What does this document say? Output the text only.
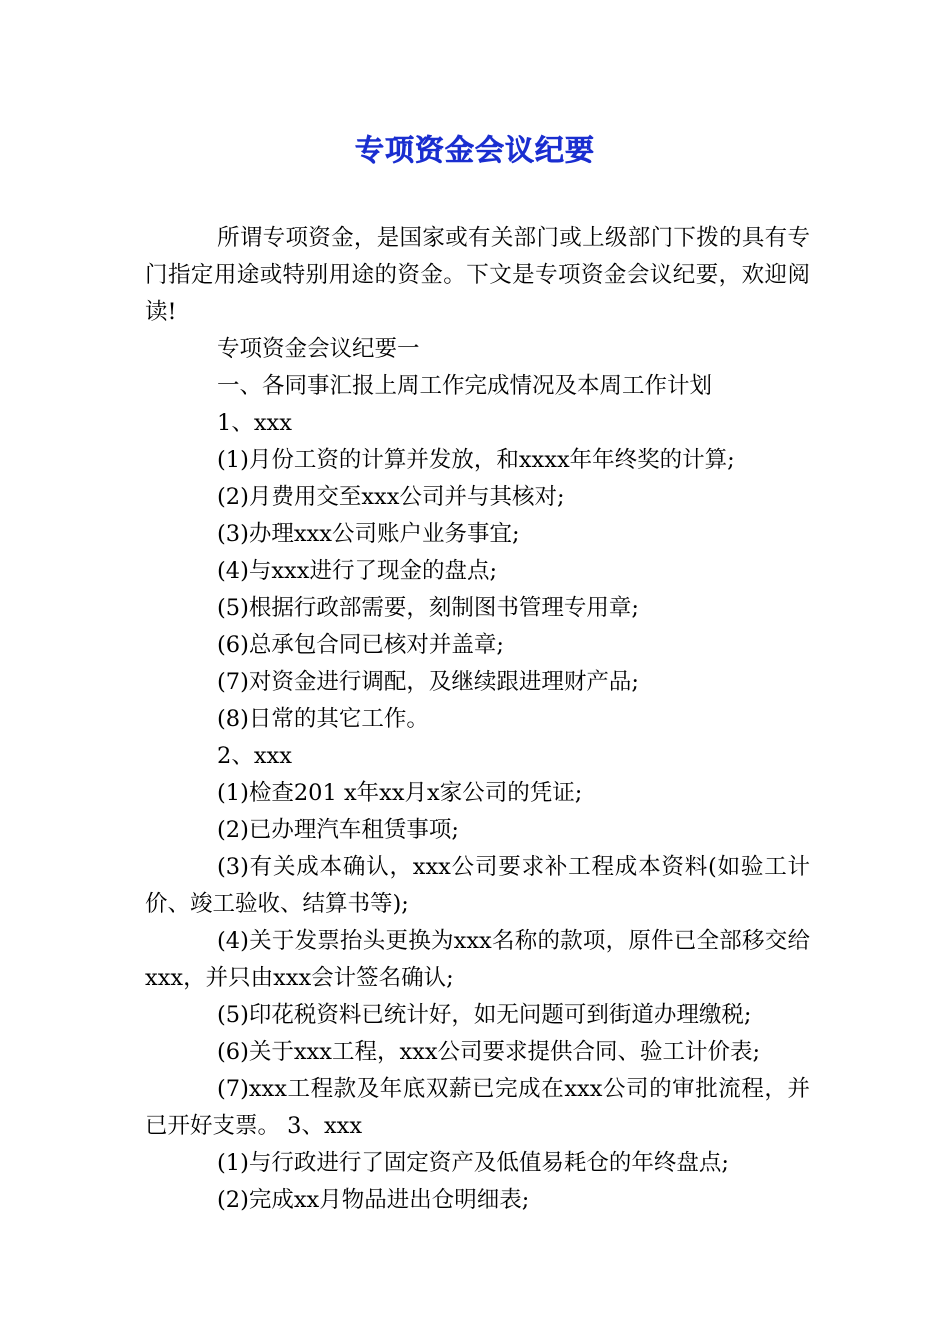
专项资金会议纪要

所谓专项资金，是国家或有关部门或上级部门下拨的具有专门指定用途或特别用途的资金。下文是专项资金会议纪要，欢迎阅读!

专项资金会议纪要一

一、各同事汇报上周工作完成情况及本周工作计划

1、xxx

(1)月份工资的计算并发放，和xxxx年年终奖的计算;

(2)月费用交至xxx公司并与其核对;

(3)办理xxx公司账户业务事宜;

(4)与xxx进行了现金的盘点;

(5)根据行政部需要，刻制图书管理专用章;

(6)总承包合同已核对并盖章;

(7)对资金进行调配，及继续跟进理财产品;

(8)日常的其它工作。

2、xxx

(1)检查201 x年xx月x家公司的凭证;

(2)已办理汽车租赁事项;

(3)有关成本确认，xxx公司要求补工程成本资料(如验工计价、竣工验收、结算书等);

(4)关于发票抬头更换为xxx名称的款项，原件已全部移交给xxx，并只由xxx会计签名确认;

(5)印花税资料已统计好，如无问题可到街道办理缴税;

(6)关于xxx工程，xxx公司要求提供合同、验工计价表;

(7)xxx工程款及年底双薪已完成在xxx公司的审批流程，并已开好支票。 3、xxx

(1)与行政进行了固定资产及低值易耗仓的年终盘点;

(2)完成xx月物品进出仓明细表;
